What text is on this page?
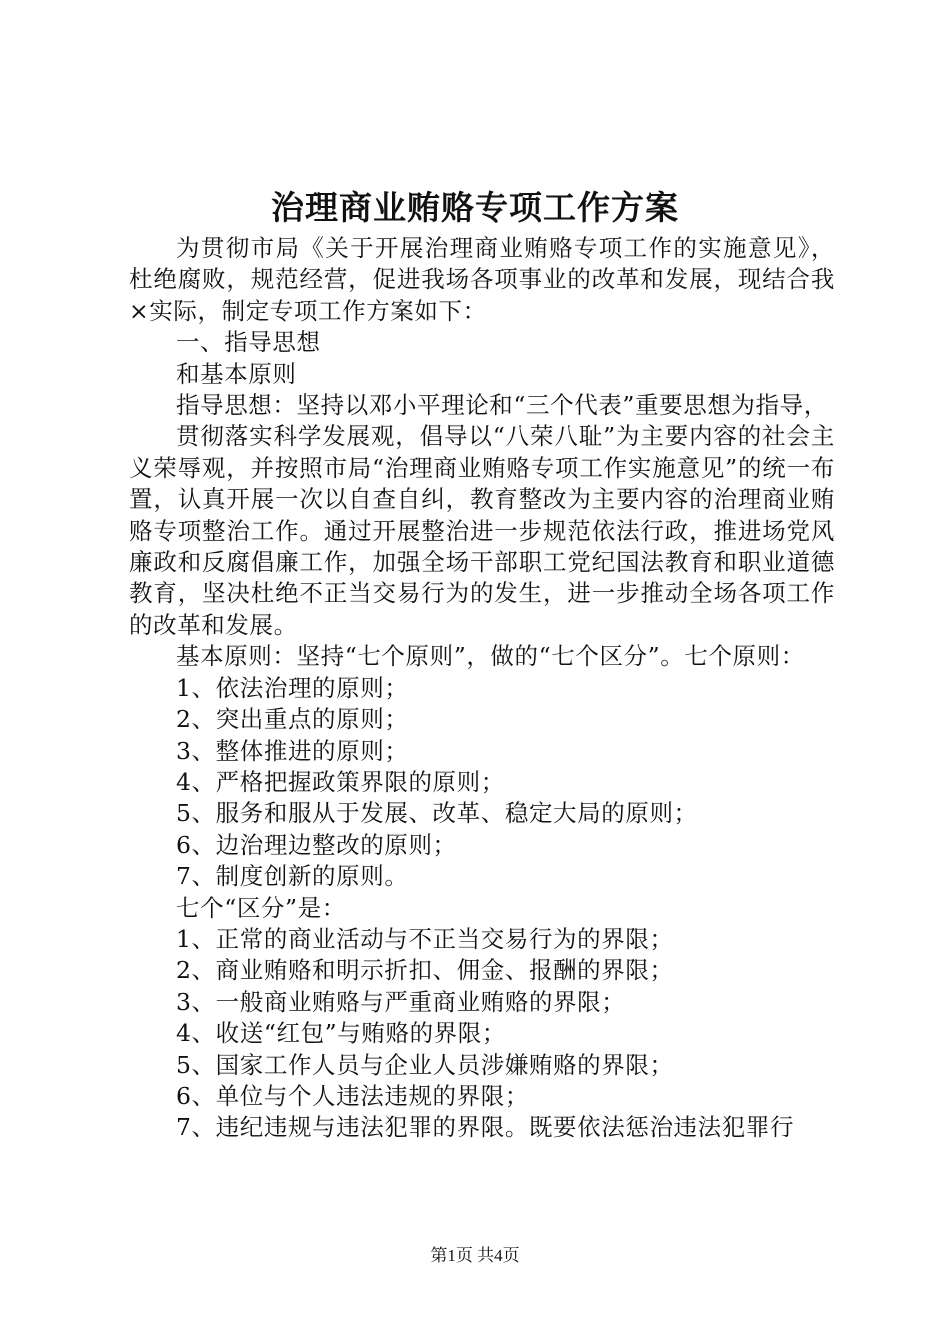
治理商业贿赂专项工作方案

为贯彻市局《关于开展治理商业贿赂专项工作的实施意见》，杜绝腐败，规范经营，促进我场各项事业的改革和发展，现结合我×实际，制定专项工作方案如下：

一、指导思想

和基本原则

指导思想：坚持以邓小平理论和“三个代表”重要思想为指导，

贯彻落实科学发展观，倡导以“八荣八耻”为主要内容的社会主义荣辱观，并按照市局“治理商业贿赂专项工作实施意见”的统一布置，认真开展一次以自查自纠，教育整改为主要内容的治理商业贿赂专项整治工作。通过开展整治进一步规范依法行政，推进场党风廉政和反腐倡廉工作，加强全场干部职工党纪国法教育和职业道德教育，坚决杜绝不正当交易行为的发生，进一步推动全场各项工作的改革和发展。

基本原则：坚持“七个原则”，做的“七个区分”。七个原则：

1、依法治理的原则；

2、突出重点的原则；

3、整体推进的原则；

4、严格把握政策界限的原则；

5、服务和服从于发展、改革、稳定大局的原则；

6、边治理边整改的原则；

7、制度创新的原则。

七个“区分”是：

1、正常的商业活动与不正当交易行为的界限；

2、商业贿赂和明示折扣、佣金、报酬的界限；

3、一般商业贿赂与严重商业贿赂的界限；

4、收送“红包”与贿赂的界限；

5、国家工作人员与企业人员涉嫌贿赂的界限；

6、单位与个人违法违规的界限；

7、违纪违规与违法犯罪的界限。既要依法惩治违法犯罪行

第1页 共4页
